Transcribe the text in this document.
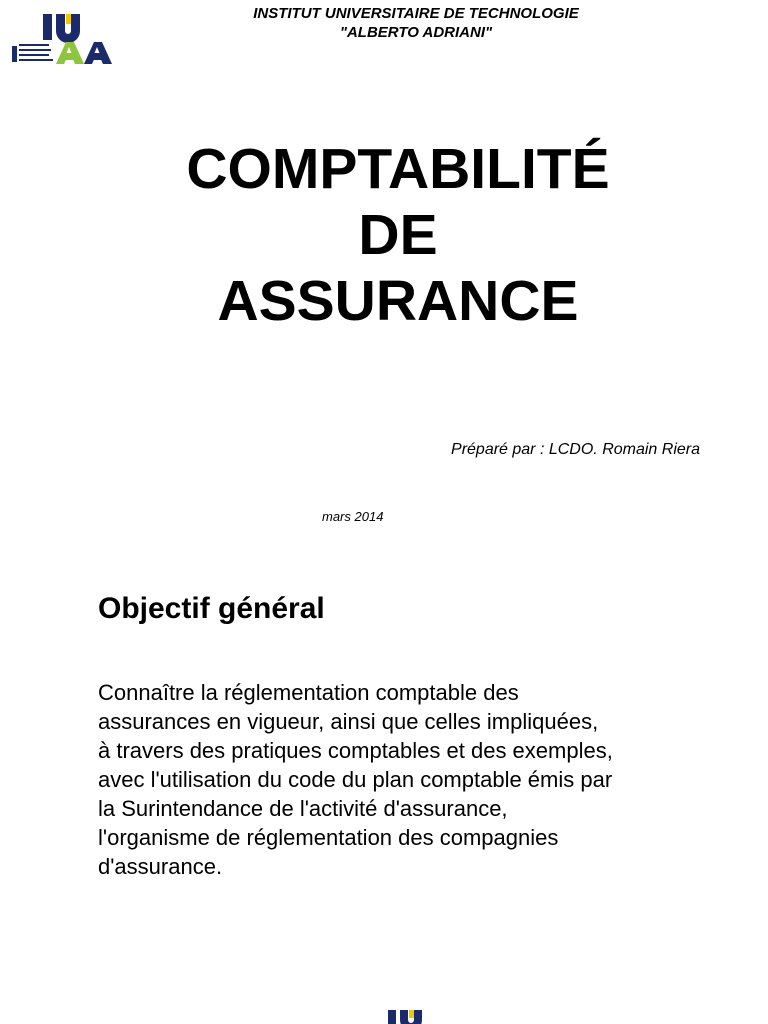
INSTITUT UNIVERSITAIRE DE TECHNOLOGIE
"ALBERTO ADRIANI"
COMPTABILITÉ
DE
ASSURANCE
Préparé par : LCDO. Romain Riera
mars 2014
Objectif général
Connaître la réglementation comptable des
assurances en vigueur, ainsi que celles impliquées,
à travers des pratiques comptables et des exemples,
avec l'utilisation du code du plan comptable émis par
la Surintendance de l'activité d'assurance,
l'organisme de réglementation des compagnies
d'assurance.
